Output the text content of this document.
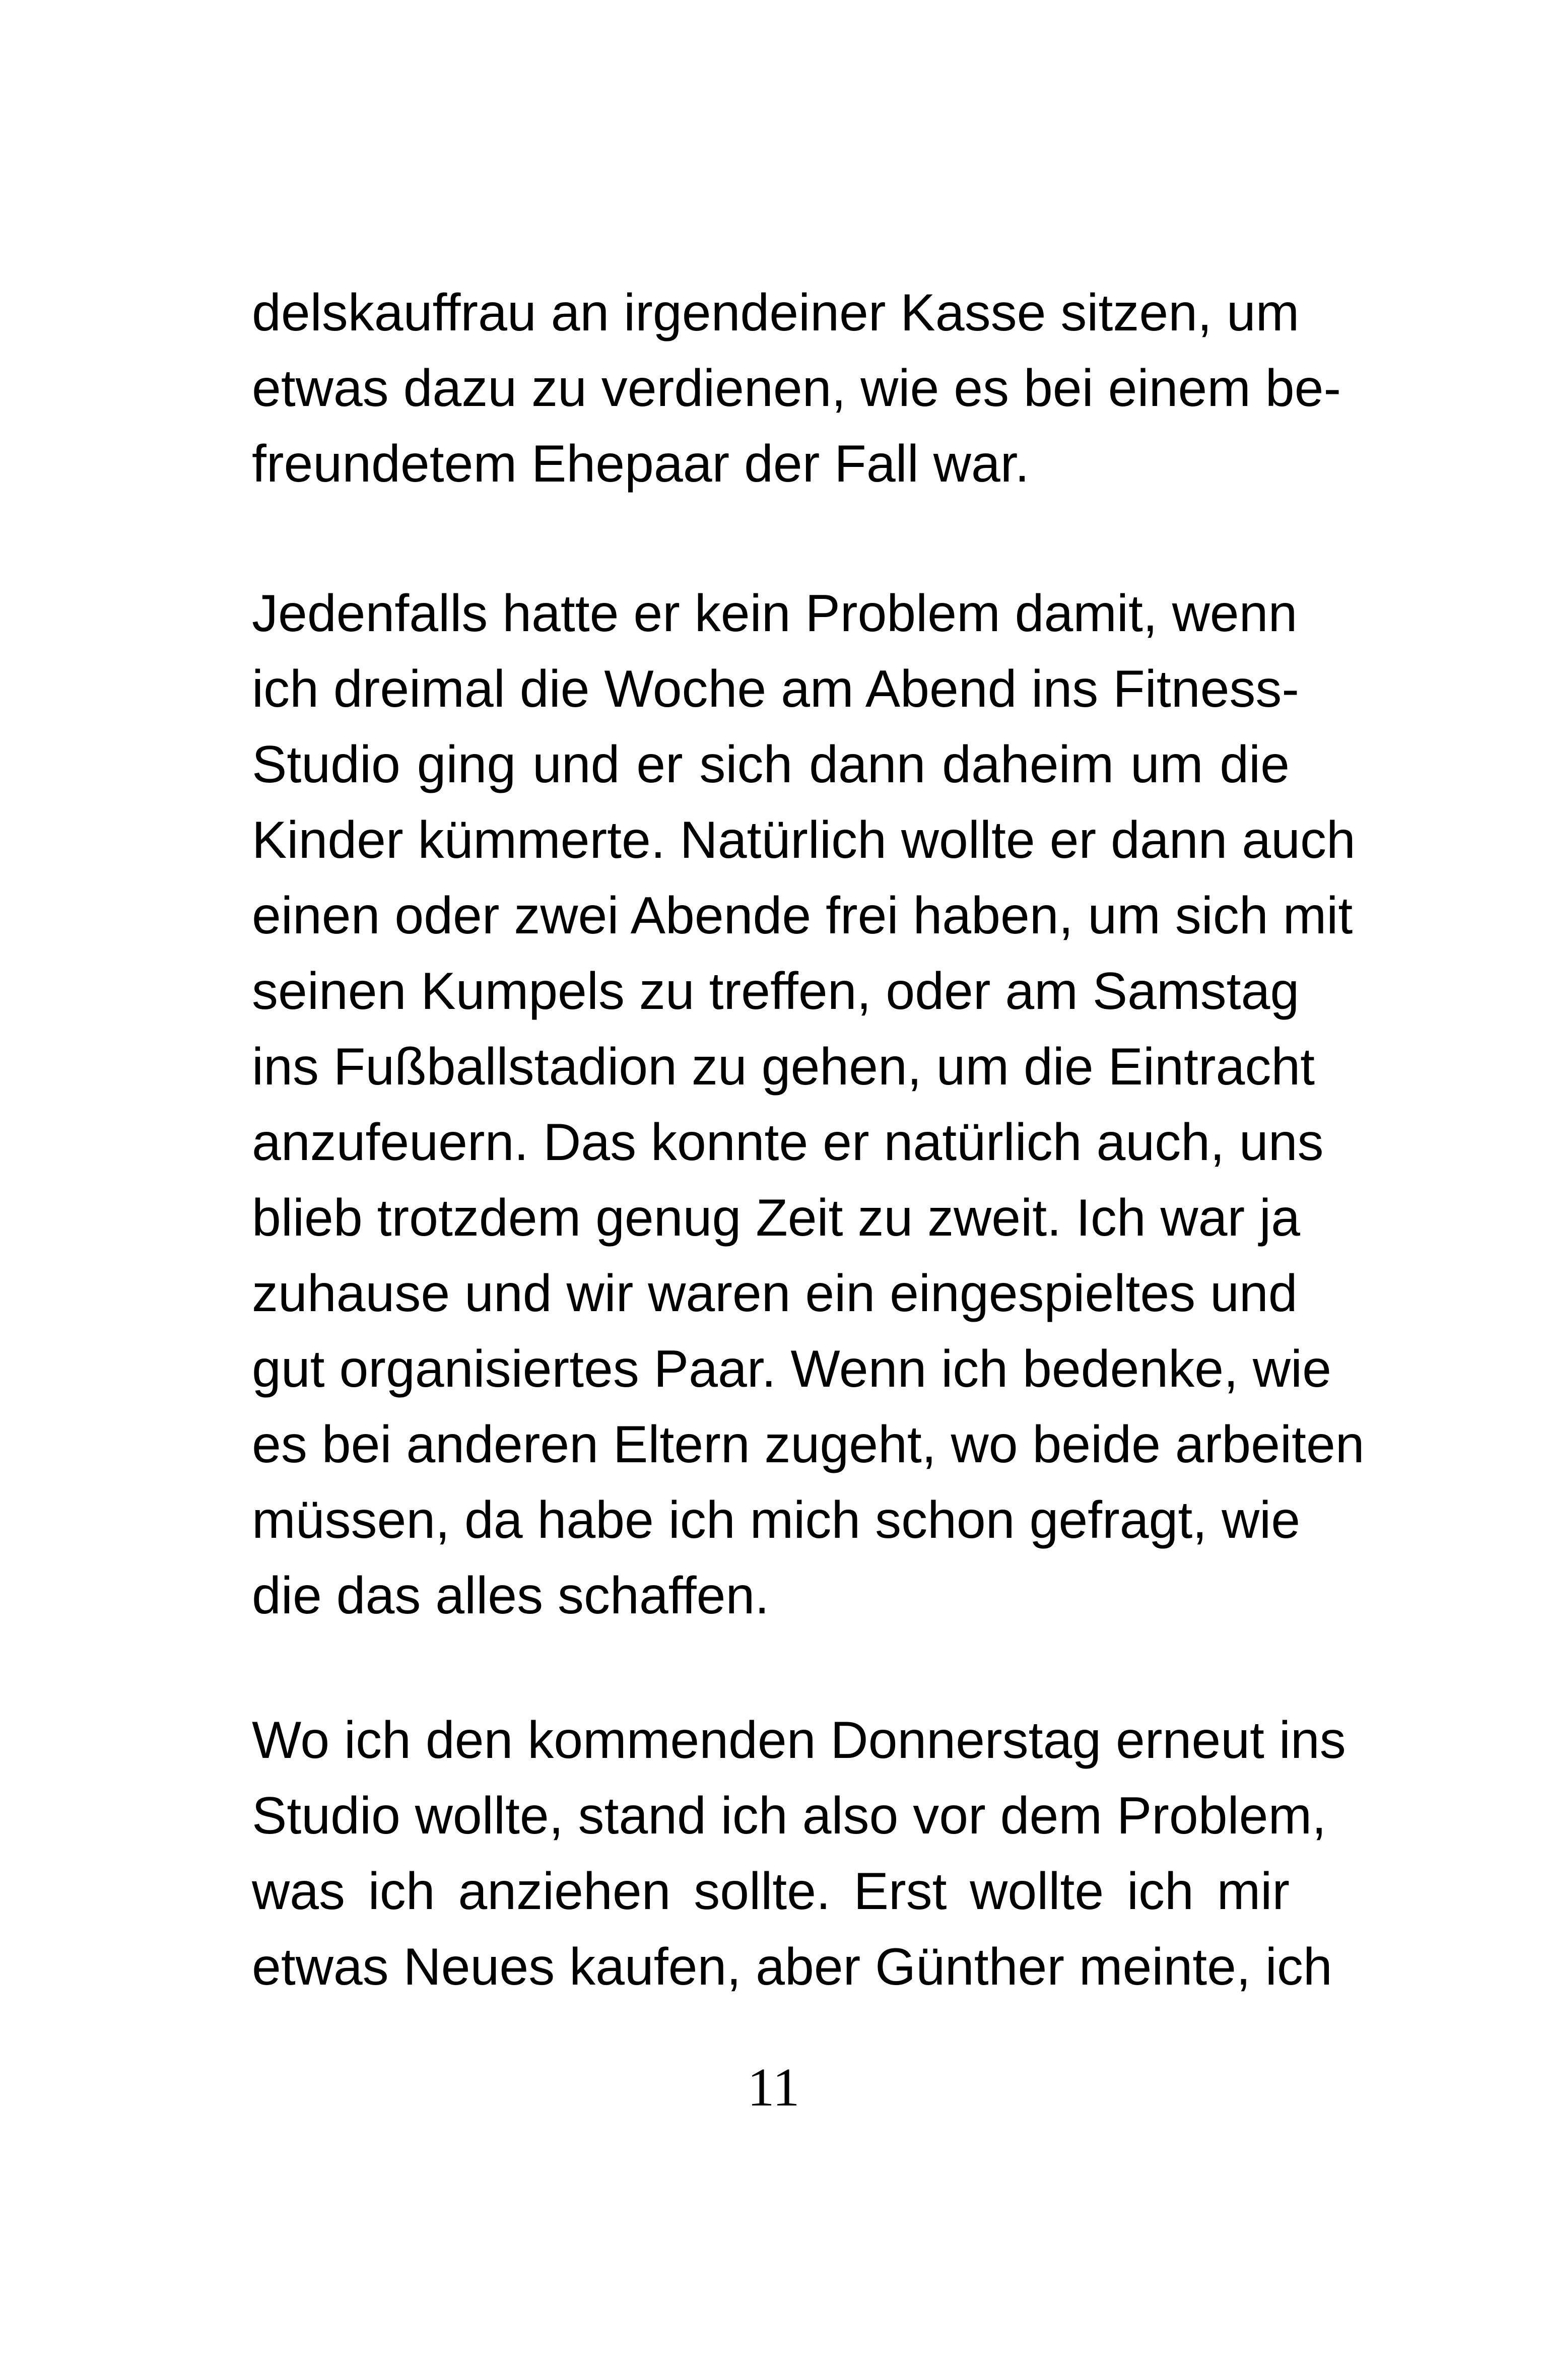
delskauffrau an irgendeiner Kasse sitzen, um
etwas dazu zu verdienen, wie es bei einem be-
freundetem Ehepaar der Fall war.
Jedenfalls hatte er kein Problem damit, wenn
ich dreimal die Woche am Abend ins Fitness-
Studio ging und er sich dann daheim um die
Kinder kümmerte. Natürlich wollte er dann auch
einen oder zwei Abende frei haben, um sich mit
seinen Kumpels zu treffen, oder am Samstag
ins Fußballstadion zu gehen, um die Eintracht
anzufeuern. Das konnte er natürlich auch, uns
blieb trotzdem genug Zeit zu zweit. Ich war ja
zuhause und wir waren ein eingespieltes und
gut organisiertes Paar. Wenn ich bedenke, wie
es bei anderen Eltern zugeht, wo beide arbeiten
müssen, da habe ich mich schon gefragt, wie
die das alles schaffen.
Wo ich den kommenden Donnerstag erneut ins
Studio wollte, stand ich also vor dem Problem,
was ich anziehen sollte. Erst wollte ich mir
etwas Neues kaufen, aber Günther meinte, ich
11
